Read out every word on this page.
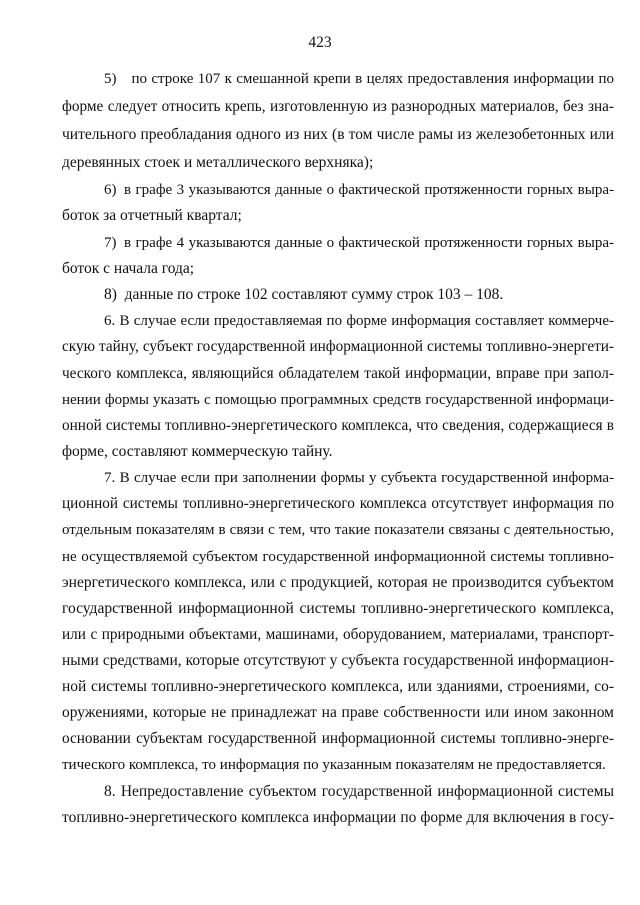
423
5) по строке 107 к смешанной крепи в целях предоставления информации по
форме следует относить крепь, изготовленную из разнородных материалов, без зна-
чительного преобладания одного из них (в том числе рамы из железобетонных или
деревянных стоек и металлического верхняка);
6) в графе 3 указываются данные о фактической протяженности горных выра-
боток за отчетный квартал;
7) в графе 4 указываются данные о фактической протяженности горных выра-
боток с начала года;
8) данные по строке 102 составляют сумму строк 103 – 108.
6. В случае если предоставляемая по форме информация составляет коммерче-
скую тайну, субъект государственной информационной системы топливно-энергети-
ческого комплекса, являющийся обладателем такой информации, вправе при запол-
нении формы указать с помощью программных средств государственной информаци-
онной системы топливно-энергетического комплекса, что сведения, содержащиеся в
форме, составляют коммерческую тайну.
7. В случае если при заполнении формы у субъекта государственной информа-
ционной системы топливно-энергетического комплекса отсутствует информация по
отдельным показателям в связи с тем, что такие показатели связаны с деятельностью,
не осуществляемой субъектом государственной информационной системы топливно-
энергетического комплекса, или с продукцией, которая не производится субъектом
государственной информационной системы топливно-энергетического комплекса,
или с природными объектами, машинами, оборудованием, материалами, транспорт-
ными средствами, которые отсутствуют у субъекта государственной информацион-
ной системы топливно-энергетического комплекса, или зданиями, строениями, со-
оружениями, которые не принадлежат на праве собственности или ином законном
основании субъектам государственной информационной системы топливно-энерге-
тического комплекса, то информация по указанным показателям не предоставляется.
8. Непредоставление субъектом государственной информационной системы
топливно-энергетического комплекса информации по форме для включения в госу-
